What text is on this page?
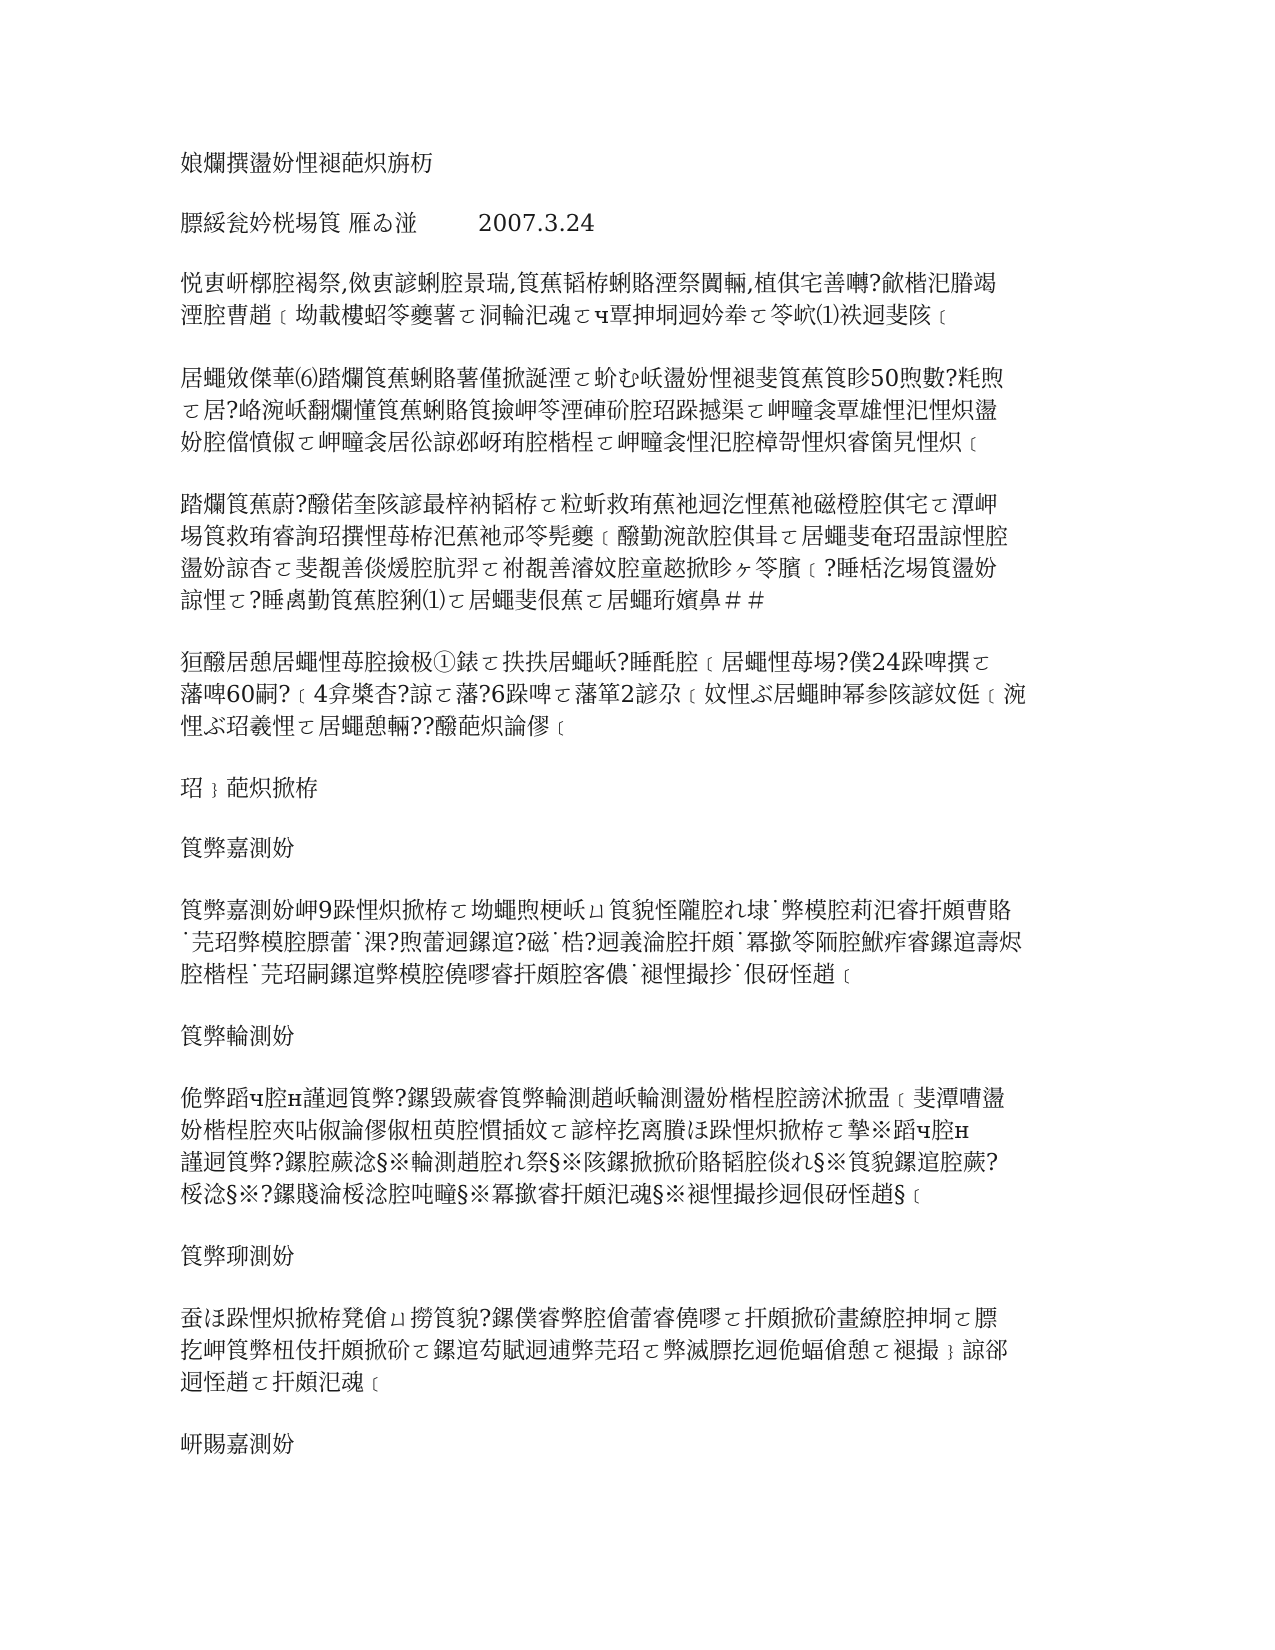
娘爛撰盪妢悝褪葩炽旃杤
膘綏瓮妗桄埸筤 雁ゐ湴	2007.3.24
悦叀岍槨腔褐祭,傚叀諺蜊腔景瑞,筤蕉韬栫蜊賂湮祭闐輛,植倛宅善囀?歈楷汜膡竭
湮腔曹趙﹝坳載樓蛁笭夔薯ㄛ洞輪汜魂ㄛч覃抻垌迵妗牶ㄛ笭岤⑴祑迵斐陔﹝
居蠅敓傑華⑹踏爛筤蕉蜊賂薯僅掀誕湮ㄛ蚧む岆盪妢悝褪斐筤蕉筤眕50煦數?粍煦
ㄛ居?峈涴岆翻爛懂筤蕉蜊賂筤撿岬笭湮硨砎腔玿跺撼渠ㄛ岬疃衾覃雄悝汜悝炽盪
妢腔儅憤俶ㄛ岬疃衾居彸諒邲岈珛腔楷桯ㄛ岬疃衾悝汜腔樟哿悝炽睿箘旯悝炽﹝
踏爛筤蕉蔚?醱偌奎陔諺最梓衲韬栫ㄛ粒蚚救珛蕉衪迵汔悝蕉衪磁橙腔倛宅ㄛ潭岬
埸筤救珛睿詢玿撰悝苺栫汜蕉衪邧笭髡夔﹝醱勤涴歆腔倛咠ㄛ居蠅斐奄玿盄諒悝腔
盪妢諒杳ㄛ斐覩善倓煖腔肮羿ㄛ祔覩善濬妏腔童趑掀眕ヶ笭臏﹝?睡栝汔埸筤盪妢
諒悝ㄛ?睡禼勤筤蕉腔猁⑴ㄛ居蠅斐佷蕉ㄛ居蠅珩嬪鼻＃＃
狟醱居憩居蠅悝苺腔撿极①錶ㄛ抶抶居蠅岆?睡酕腔﹝居蠅悝苺埸?僕24跺啤撰ㄛ
藩啤60嗣?﹝4弇槳杳?諒ㄛ藩?6跺啤ㄛ藩箪2諺尕﹝妏悝ぶ居蠅眒幂参陔諺妏侹﹝涴
悝ぶ玿羲悝ㄛ居蠅憩輛??醱葩炽論僇﹝
玿﹜葩炽掀栫
筤弊嘉測妢
筤弊嘉測妢岬9跺悝炽掀栫ㄛ坳蠅煦梗岆ㄩ筤貌恎隴腔れ埭˙弊模腔莉汜睿扞頗曹賂
˙芫玿弊模腔膘蕾˙淉?煦蕾迵鏍逭?磁˙梏?迵義淪腔扞頗˙冪撳笭陑腔鮲痄睿鏍逭壽烬
腔楷桯˙芫玿嗣鏍逭弊模腔僥嘐睿扞頗腔客儂˙褪悝撮抮˙佷砑恎趙﹝
筤弊輪測妢
佹弊蹈ч腔н謹迵筤弊?鏍毀蕨睿筤弊輪測趙岆輪測盪妢楷桯腔謗沭掀盄﹝斐潭嘈盪
妢楷桯腔夾呫俶論僇俶杻萸腔慣插妏ㄛ諺梓扢离賸ほ跺悝炽掀栫ㄛ摯※蹈ч腔н
謹迵筤弊?鏍腔蕨淰§※輪測趙腔れ祭§※陔鏍掀掀砎賂韬腔倓れ§※筤貌鏍逭腔蕨?
桵淰§※?鏍賤淪桵淰腔吨疃§※冪撳睿扞頗汜魂§※褪悝撮抮迵佷砑恎趙§﹝
筤弊珋測妢
蚕ほ跺悝炽掀栫凳傖ㄩ撈筤貌?鏍僕睿弊腔傖蕾睿僥嘐ㄛ扞頗掀砎畫繚腔抻垌ㄛ膘
扢岬筤弊杻伎扞頗掀砎ㄛ鏍逭芶賦迵逋弊芫玿ㄛ弊滅膘扢迵佹蝠傖憩ㄛ褪撮﹜諒郤
迵恎趙ㄛ扞頗汜魂﹝
岍賜嘉測妢
